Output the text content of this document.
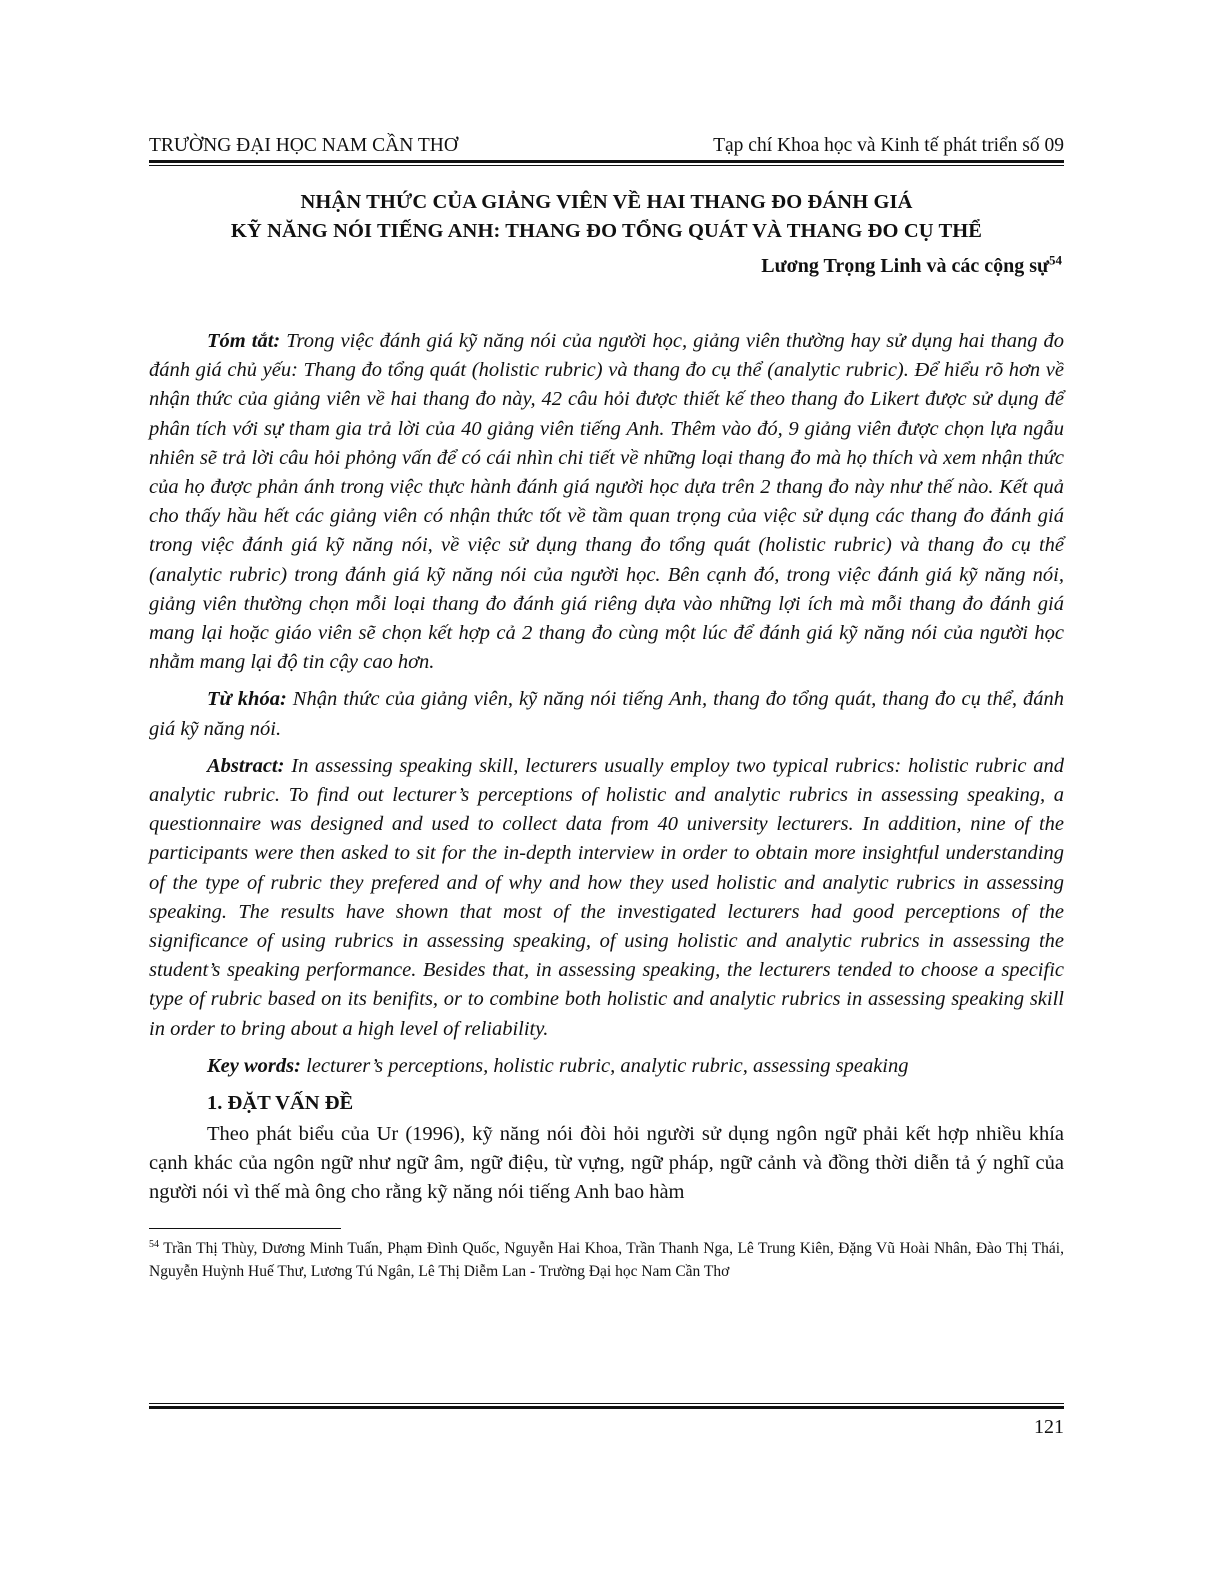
TRƯỜNG ĐẠI HỌC NAM CẦN THƠ	Tạp chí Khoa học và Kinh tế phát triển số 09
NHẬN THỨC CỦA GIẢNG VIÊN VỀ HAI THANG ĐO ĐÁNH GIÁ
KỸ NĂNG NÓI TIẾNG ANH: THANG ĐO TỔNG QUÁT VÀ THANG ĐO CỤ THỂ
Lương Trọng Linh và các cộng sự$^{54}$

Tóm tắt: Trong việc đánh giá kỹ năng nói của người học, giảng viên thường hay sử dụng hai thang đo đánh giá chủ yếu: Thang đo tổng quát (holistic rubric) và thang đo cụ thể (analytic rubric). Để hiểu rõ hơn về nhận thức của giảng viên về hai thang đo này, 42 câu hỏi được thiết kế theo thang đo Likert được sử dụng để phân tích với sự tham gia trả lời của 40 giảng viên tiếng Anh. Thêm vào đó, 9 giảng viên được chọn lựa ngẫu nhiên sẽ trả lời câu hỏi phỏng vấn để có cái nhìn chi tiết về những loại thang đo mà họ thích và xem nhận thức của họ được phản ánh trong việc thực hành đánh giá người học dựa trên 2 thang đo này như thế nào. Kết quả cho thấy hầu hết các giảng viên có nhận thức tốt về tầm quan trọng của việc sử dụng các thang đo đánh giá trong việc đánh giá kỹ năng nói, về việc sử dụng thang đo tổng quát (holistic rubric) và thang đo cụ thể (analytic rubric) trong đánh giá kỹ năng nói của người học. Bên cạnh đó, trong việc đánh giá kỹ năng nói, giảng viên thường chọn mỗi loại thang đo đánh giá riêng dựa vào những lợi ích mà mỗi thang đo đánh giá mang lại hoặc giáo viên sẽ chọn kết hợp cả 2 thang đo cùng một lúc để đánh giá kỹ năng nói của người học nhằm mang lại độ tin cậy cao hơn.

Từ khóa: Nhận thức của giảng viên, kỹ năng nói tiếng Anh, thang đo tổng quát, thang đo cụ thể, đánh giá kỹ năng nói.

Abstract: In assessing speaking skill, lecturers usually employ two typical rubrics: holistic rubric and analytic rubric. To find out lecturer’s perceptions of holistic and analytic rubrics in assessing speaking, a questionnaire was designed and used to collect data from 40 university lecturers. In addition, nine of the participants were then asked to sit for the in-depth interview in order to obtain more insightful understanding of the type of rubric they prefered and of why and how they used holistic and analytic rubrics in assessing speaking. The results have shown that most of the investigated lecturers had good perceptions of the significance of using rubrics in assessing speaking, of using holistic and analytic rubrics in assessing the student’s speaking performance. Besides that, in assessing speaking, the lecturers tended to choose a specific type of rubric based on its benifits, or to combine both holistic and analytic rubrics in assessing speaking skill in order to bring about a high level of reliability.

Key words: lecturer’s perceptions, holistic rubric, analytic rubric, assessing speaking

1. ĐẶT VẤN ĐỀ

Theo phát biểu của Ur (1996), kỹ năng nói đòi hỏi người sử dụng ngôn ngữ phải kết hợp nhiều khía cạnh khác của ngôn ngữ như ngữ âm, ngữ điệu, từ vựng, ngữ pháp, ngữ cảnh và đồng thời diễn tả ý nghĩ của người nói vì thế mà ông cho rằng kỹ năng nói tiếng Anh bao hàm

$^{54}$ Trần Thị Thùy, Dương Minh Tuấn, Phạm Đình Quốc, Nguyễn Hai Khoa, Trần Thanh Nga, Lê Trung Kiên, Đặng Vũ Hoài Nhân, Đào Thị Thái, Nguyễn Huỳnh Huế Thư, Lương Tú Ngân, Lê Thị Diễm Lan - Trường Đại học Nam Cần Thơ
121
